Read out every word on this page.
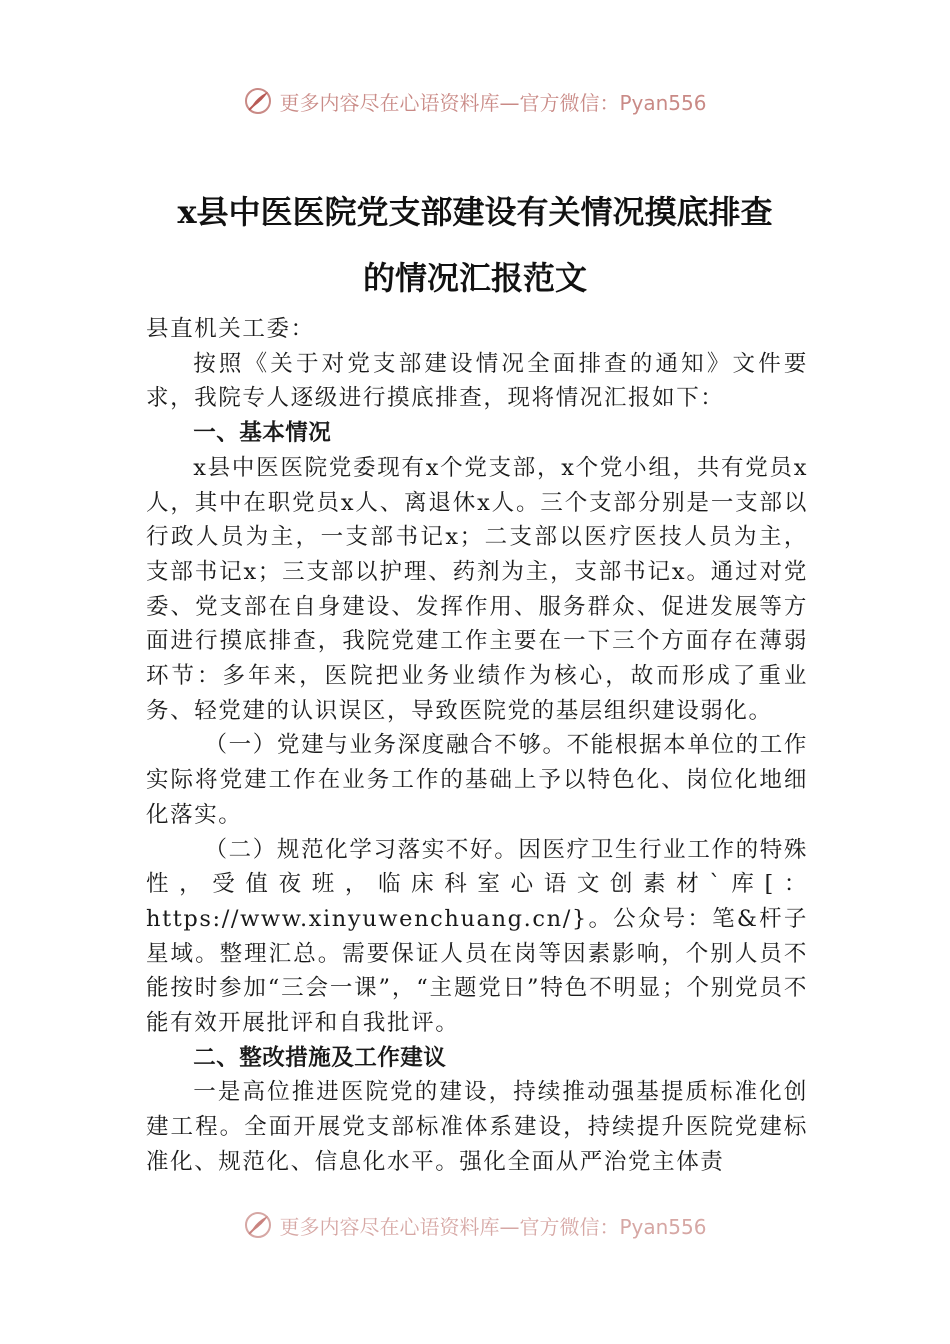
更多内容尽在心语资料库—官方微信：Pyan556
x县中医医院党支部建设有关情况摸底排查
的情况汇报范文

县直机关工委：

按照《关于对党支部建设情况全面排查的通知》文件要求，我院专人逐级进行摸底排查，现将情况汇报如下：

一、基本情况

x县中医医院党委现有x个党支部，x个党小组，共有党员x人，其中在职党员x人、离退休x人。三个支部分别是一支部以行政人员为主，一支部书记x；二支部以医疗医技人员为主，支部书记x；三支部以护理、药剂为主，支部书记x。通过对党委、党支部在自身建设、发挥作用、服务群众、促进发展等方面进行摸底排查，我院党建工作主要在一下三个方面存在薄弱环节：多年来，医院把业务业绩作为核心，故而形成了重业务、轻党建的认识误区，导致医院党的基层组织建设弱化。

（一）党建与业务深度融合不够。不能根据本单位的工作实际将党建工作在业务工作的基础上予以特色化、岗位化地细化落实。

（二）规范化学习落实不好。因医疗卫生行业工作的特殊性，受值夜班，临床科室心语文创素材`库[：https://www.xinyuwenchuang.cn/}。公众号：笔&杆子星域。整理汇总。需要保证人员在岗等因素影响，个别人员不能按时参加“三会一课”，“主题党日”特色不明显；个别党员不能有效开展批评和自我批评。

二、整改措施及工作建议

一是高位推进医院党的建设，持续推动强基提质标准化创建工程。全面开展党支部标准体系建设，持续提升医院党建标准化、规范化、信息化水平。强化全面从严治党主体责

更多内容尽在心语资料库—官方微信：Pyan556
